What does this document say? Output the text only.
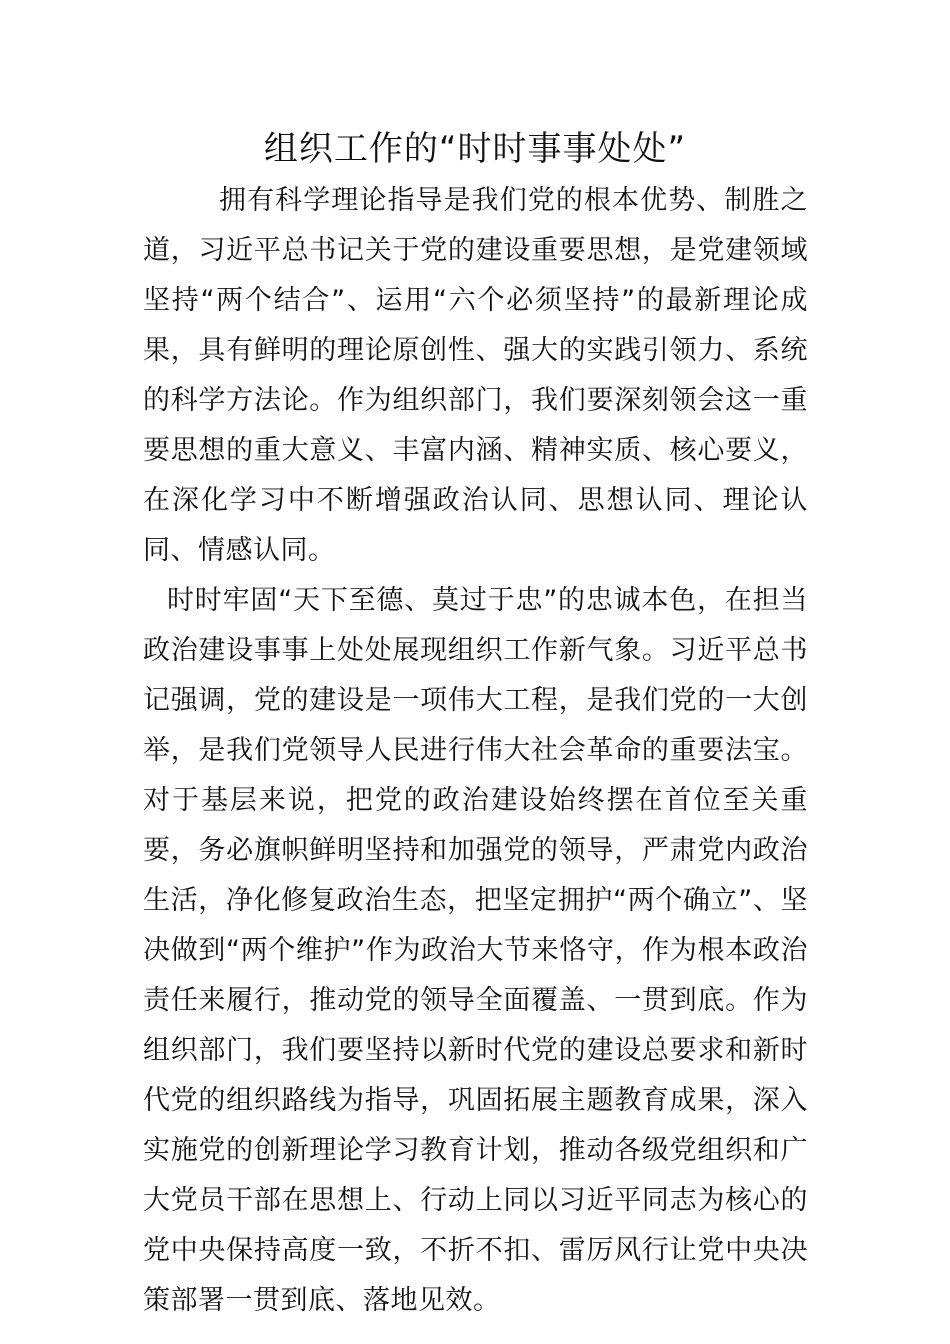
组织工作的“时时事事处处”

拥有科学理论指导是我们党的根本优势、制胜之道，习近平总书记关于党的建设重要思想，是党建领域坚持“两个结合”、运用“六个必须坚持”的最新理论成果，具有鲜明的理论原创性、强大的实践引领力、系统的科学方法论。作为组织部门，我们要深刻领会这一重要思想的重大意义、丰富内涵、精神实质、核心要义，在深化学习中不断增强政治认同、思想认同、理论认同、情感认同。

时时牢固“天下至德、莫过于忠”的忠诚本色，在担当政治建设事事上处处展现组织工作新气象。习近平总书记强调，党的建设是一项伟大工程，是我们党的一大创举，是我们党领导人民进行伟大社会革命的重要法宝。对于基层来说，把党的政治建设始终摆在首位至关重要，务必旗帜鲜明坚持和加强党的领导，严肃党内政治生活，净化修复政治生态，把坚定拥护“两个确立”、坚决做到“两个维护”作为政治大节来恪守，作为根本政治责任来履行，推动党的领导全面覆盖、一贯到底。作为组织部门，我们要坚持以新时代党的建设总要求和新时代党的组织路线为指导，巩固拓展主题教育成果，深入实施党的创新理论学习教育计划，推动各级党组织和广大党员干部在思想上、行动上同以习近平同志为核心的党中央保持高度一致，不折不扣、雷厉风行让党中央决策部署一贯到底、落地见效。
